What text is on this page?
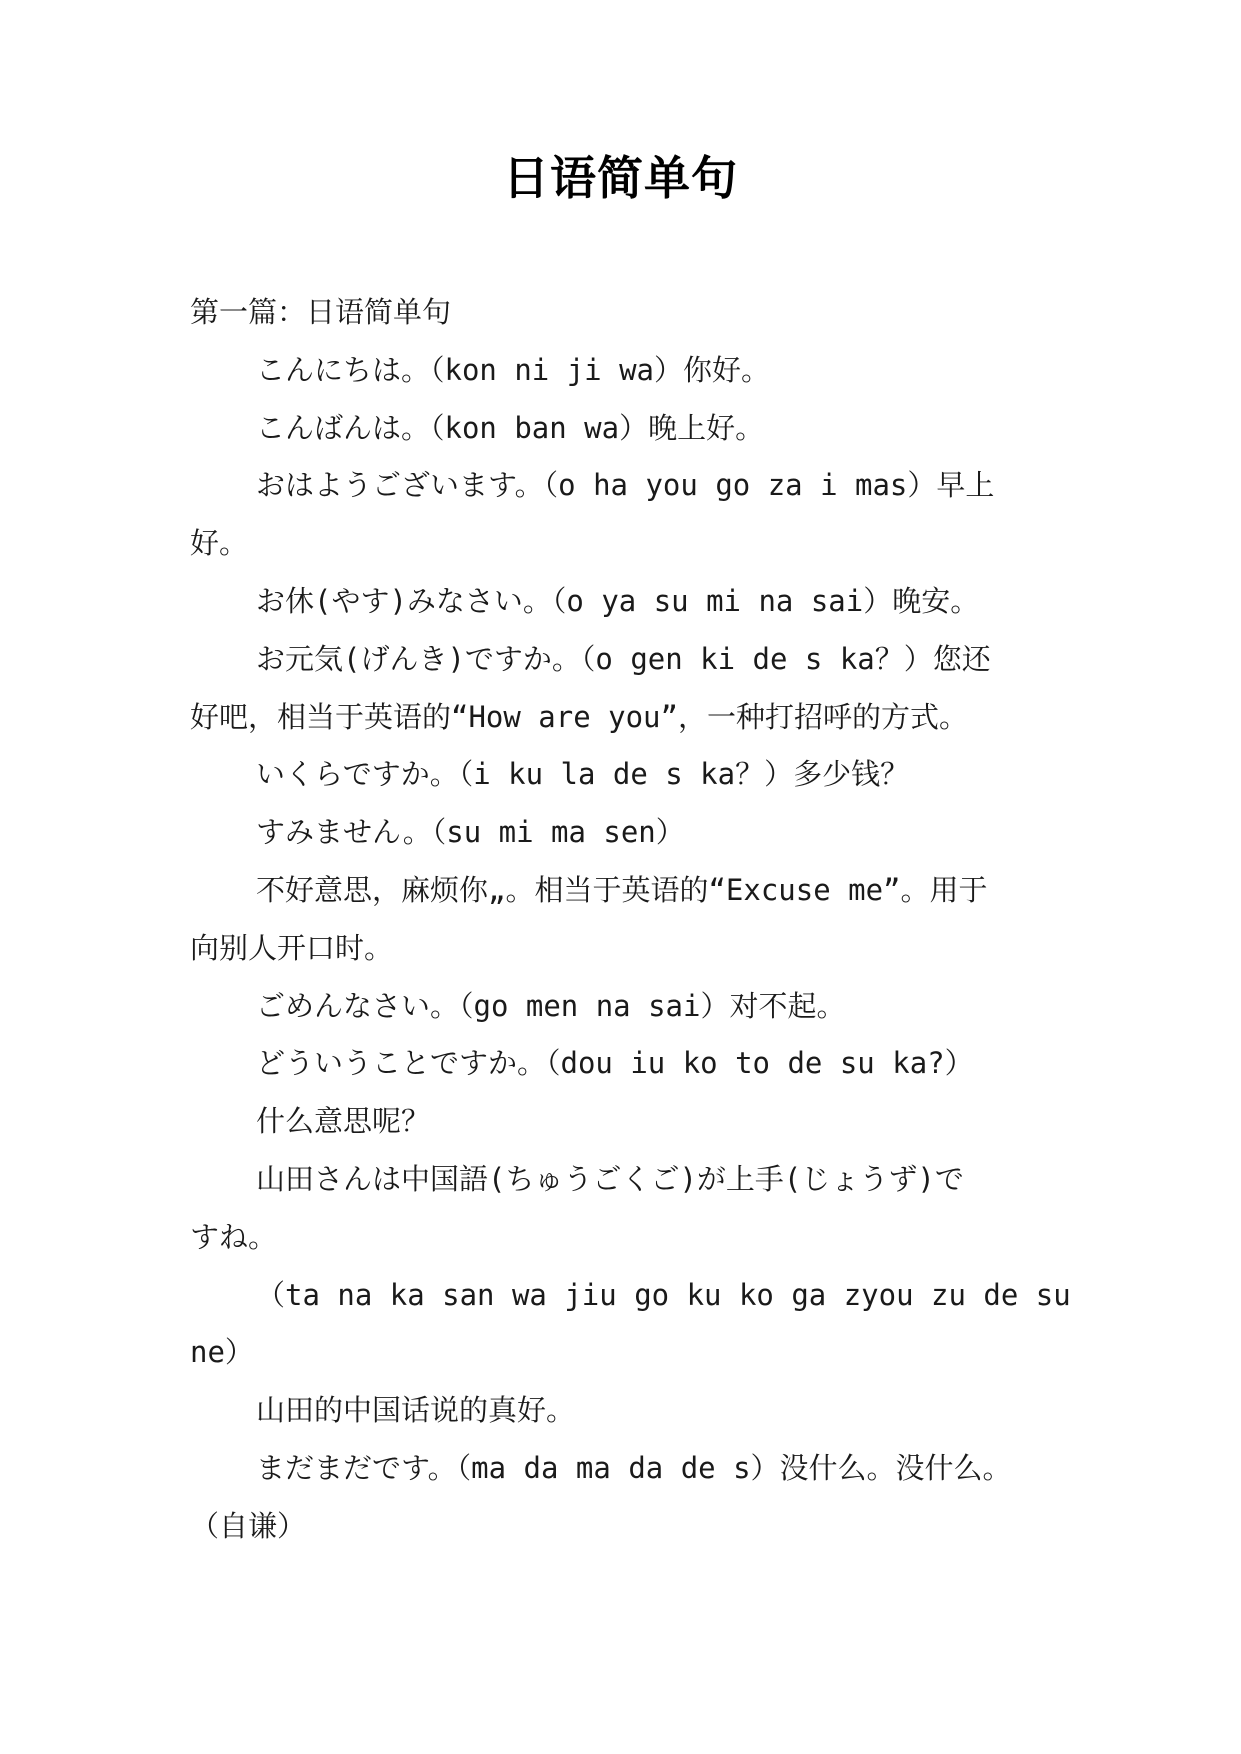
日语简单句
第一篇：日语简单句
こんにちは。（kon ni ji wa）你好。
こんばんは。（kon ban wa）晚上好。
おはようございます。（o ha you go za i mas）早上
好。
お休(やす)みなさい。（o ya su mi na sai）晚安。
お元気(げんき)ですか。（o gen ki de s ka？）您还
好吧，相当于英语的“How are you”，一种打招呼的方式。
いくらですか。（i ku la de s ka？）多少钱？
すみません。（su mi ma sen）
不好意思，麻烦你„。相当于英语的“Excuse me”。用于
向别人开口时。
ごめんなさい。（go men na sai）对不起。
どういうことですか。（dou iu ko to de su ka?）
什么意思呢？
山田さんは中国語(ちゅうごくご)が上手(じょうず)で
すね。
（ta na ka san wa jiu go ku ko ga zyou zu de su
ne）
山田的中国话说的真好。
まだまだです。（ma da ma da de s）没什么。没什么。
（自谦）
